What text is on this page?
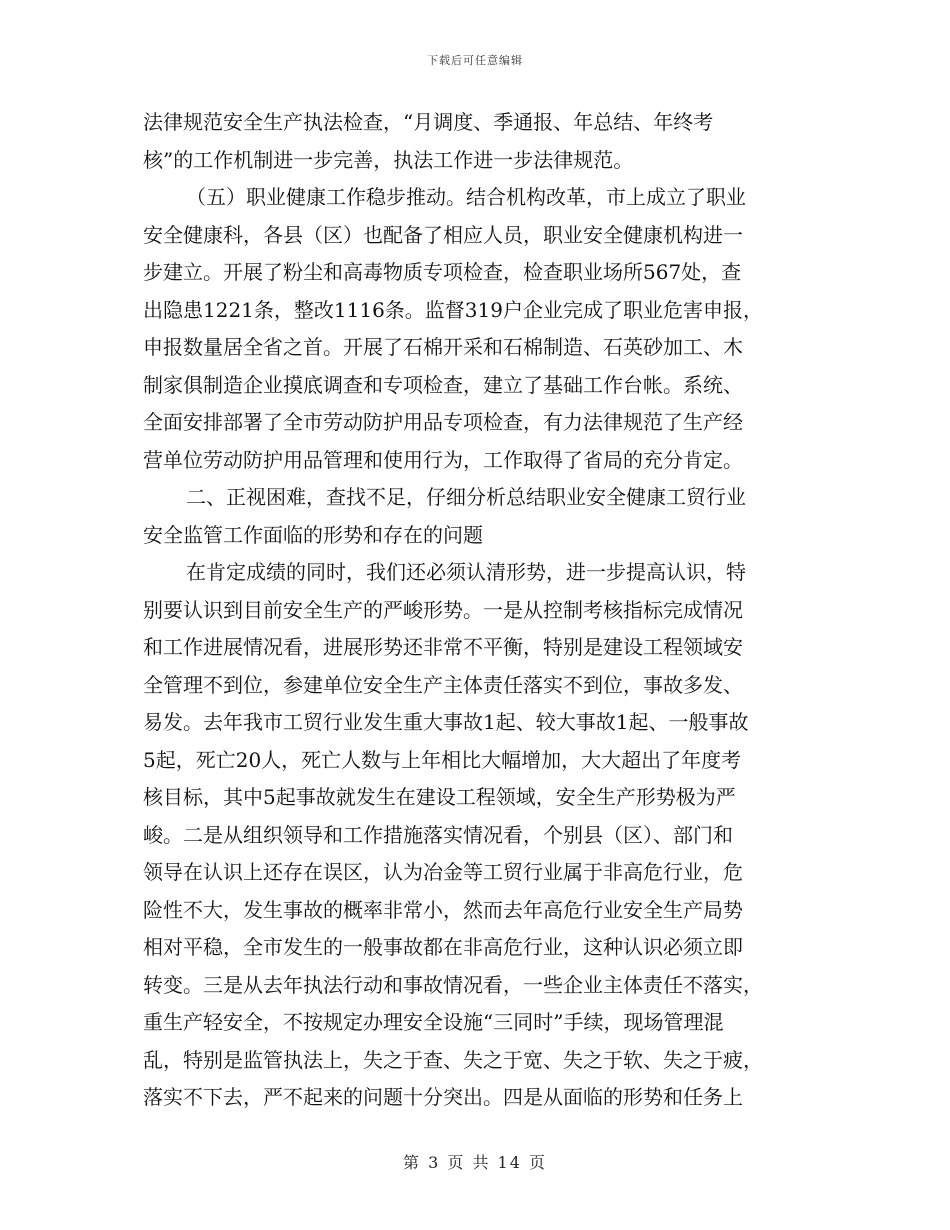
下载后可任意编辑
法律规范安全生产执法检查，“月调度、季通报、年总结、年终考
核”的工作机制进一步完善，执法工作进一步法律规范。
（五）职业健康工作稳步推动。结合机构改革，市上成立了职业
安全健康科，各县（区）也配备了相应人员，职业安全健康机构进一
步建立。开展了粉尘和高毒物质专项检查，检查职业场所567处，查
出隐患1221条，整改1116条。监督319户企业完成了职业危害申报，
申报数量居全省之首。开展了石棉开采和石棉制造、石英砂加工、木
制家俱制造企业摸底调查和专项检查，建立了基础工作台帐。系统、
全面安排部署了全市劳动防护用品专项检查，有力法律规范了生产经
营单位劳动防护用品管理和使用行为，工作取得了省局的充分肯定。
二、正视困难，查找不足，仔细分析总结职业安全健康工贸行业
安全监管工作面临的形势和存在的问题
在肯定成绩的同时，我们还必须认清形势，进一步提高认识，特
别要认识到目前安全生产的严峻形势。一是从控制考核指标完成情况
和工作进展情况看，进展形势还非常不平衡，特别是建设工程领域安
全管理不到位，参建单位安全生产主体责任落实不到位，事故多发、
易发。去年我市工贸行业发生重大事故1起、较大事故1起、一般事故
5起，死亡20人，死亡人数与上年相比大幅增加，大大超出了年度考
核目标，其中5起事故就发生在建设工程领域，安全生产形势极为严
峻。二是从组织领导和工作措施落实情况看，个别县（区）、部门和
领导在认识上还存在误区，认为冶金等工贸行业属于非高危行业，危
险性不大，发生事故的概率非常小，然而去年高危行业安全生产局势
相对平稳，全市发生的一般事故都在非高危行业，这种认识必须立即
转变。三是从去年执法行动和事故情况看，一些企业主体责任不落实，
重生产轻安全，不按规定办理安全设施“三同时”手续，现场管理混
乱，特别是监管执法上，失之于查、失之于宽、失之于软、失之于疲，
落实不下去，严不起来的问题十分突出。四是从面临的形势和任务上
第 3 页 共 14 页
